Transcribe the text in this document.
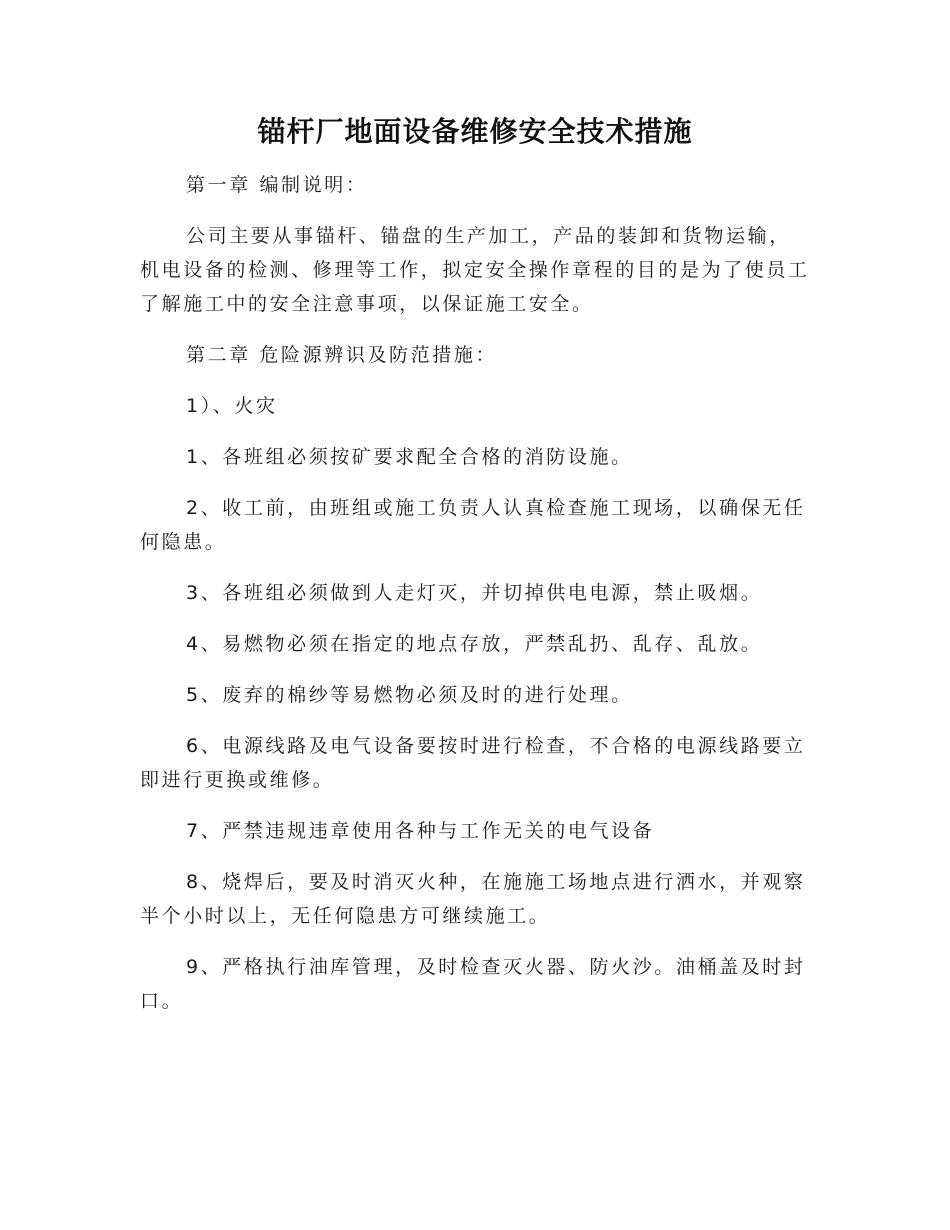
锚杆厂地面设备维修安全技术措施

第一章 编制说明：

公司主要从事锚杆、锚盘的生产加工，产品的装卸和货物运输，机电设备的检测、修理等工作，拟定安全操作章程的目的是为了使员工了解施工中的安全注意事项，以保证施工安全。

第二章 危险源辨识及防范措施：

1）、火灾

1、各班组必须按矿要求配全合格的消防设施。

2、收工前，由班组或施工负责人认真检查施工现场，以确保无任何隐患。

3、各班组必须做到人走灯灭，并切掉供电电源，禁止吸烟。

4、易燃物必须在指定的地点存放，严禁乱扔、乱存、乱放。

5、废弃的棉纱等易燃物必须及时的进行处理。

6、电源线路及电气设备要按时进行检查，不合格的电源线路要立即进行更换或维修。

7、严禁违规违章使用各种与工作无关的电气设备

8、烧焊后，要及时消灭火种，在施施工场地点进行洒水，并观察半个小时以上，无任何隐患方可继续施工。

9、严格执行油库管理，及时检查灭火器、防火沙。油桶盖及时封口。
